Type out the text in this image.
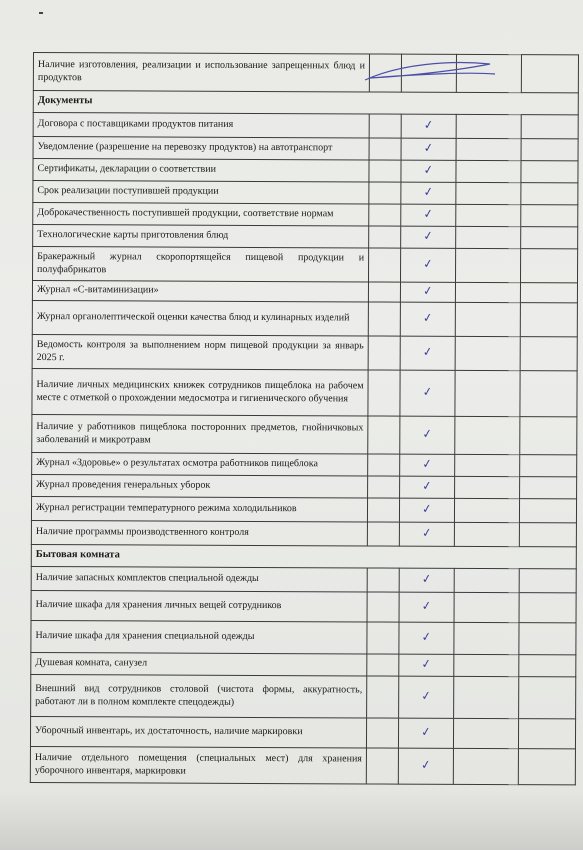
Наличие изготовления, реализации и использование запрещенных блюд и продуктов				
Документы				
Договора с поставщиками продуктов питания		✓		
Уведомление (разрешение на перевозку продуктов) на автотранспорт		✓		
Сертификаты, декларации о соответствии		✓		
Срок реализации поступившей продукции		✓		
Доброкачественность поступившей продукции, соответствие нормам		✓		
Технологические карты приготовления блюд		✓		
Бракеражный журнал скоропортящейся пищевой продукции и полуфабрикатов		✓		
Журнал «С-витаминизации»		✓		
Журнал органолептической оценки качества блюд и кулинарных изделий		✓		
Ведомость контроля за выполнением норм пищевой продукции за январь 2025 г.		✓		
Наличие личных медицинских книжек сотрудников пищеблока на рабочем месте с отметкой о прохождении медосмотра и гигиенического обучения		✓		
Наличие у работников пищеблока посторонних предметов, гнойничковых заболеваний и микротравм		✓		
Журнал «Здоровье» о результатах осмотра работников пищеблока		✓		
Журнал проведения генеральных уборок		✓		
Журнал регистрации температурного режима холодильников		✓		
Наличие программы производственного контроля		✓		
Бытовая комната				
Наличие запасных комплектов специальной одежды		✓		
Наличие шкафа для хранения личных вещей сотрудников		✓		
Наличие шкафа для хранения специальной одежды		✓		
Душевая комната, санузел		✓		
Внешний вид сотрудников столовой (чистота формы, аккуратность, работают ли в полном комплекте спецодежды)		✓		
Уборочный инвентарь, их достаточность, наличие маркировки		✓		
Наличие отдельного помещения (специальных мест) для хранения уборочного инвентаря, маркировки		✓		
